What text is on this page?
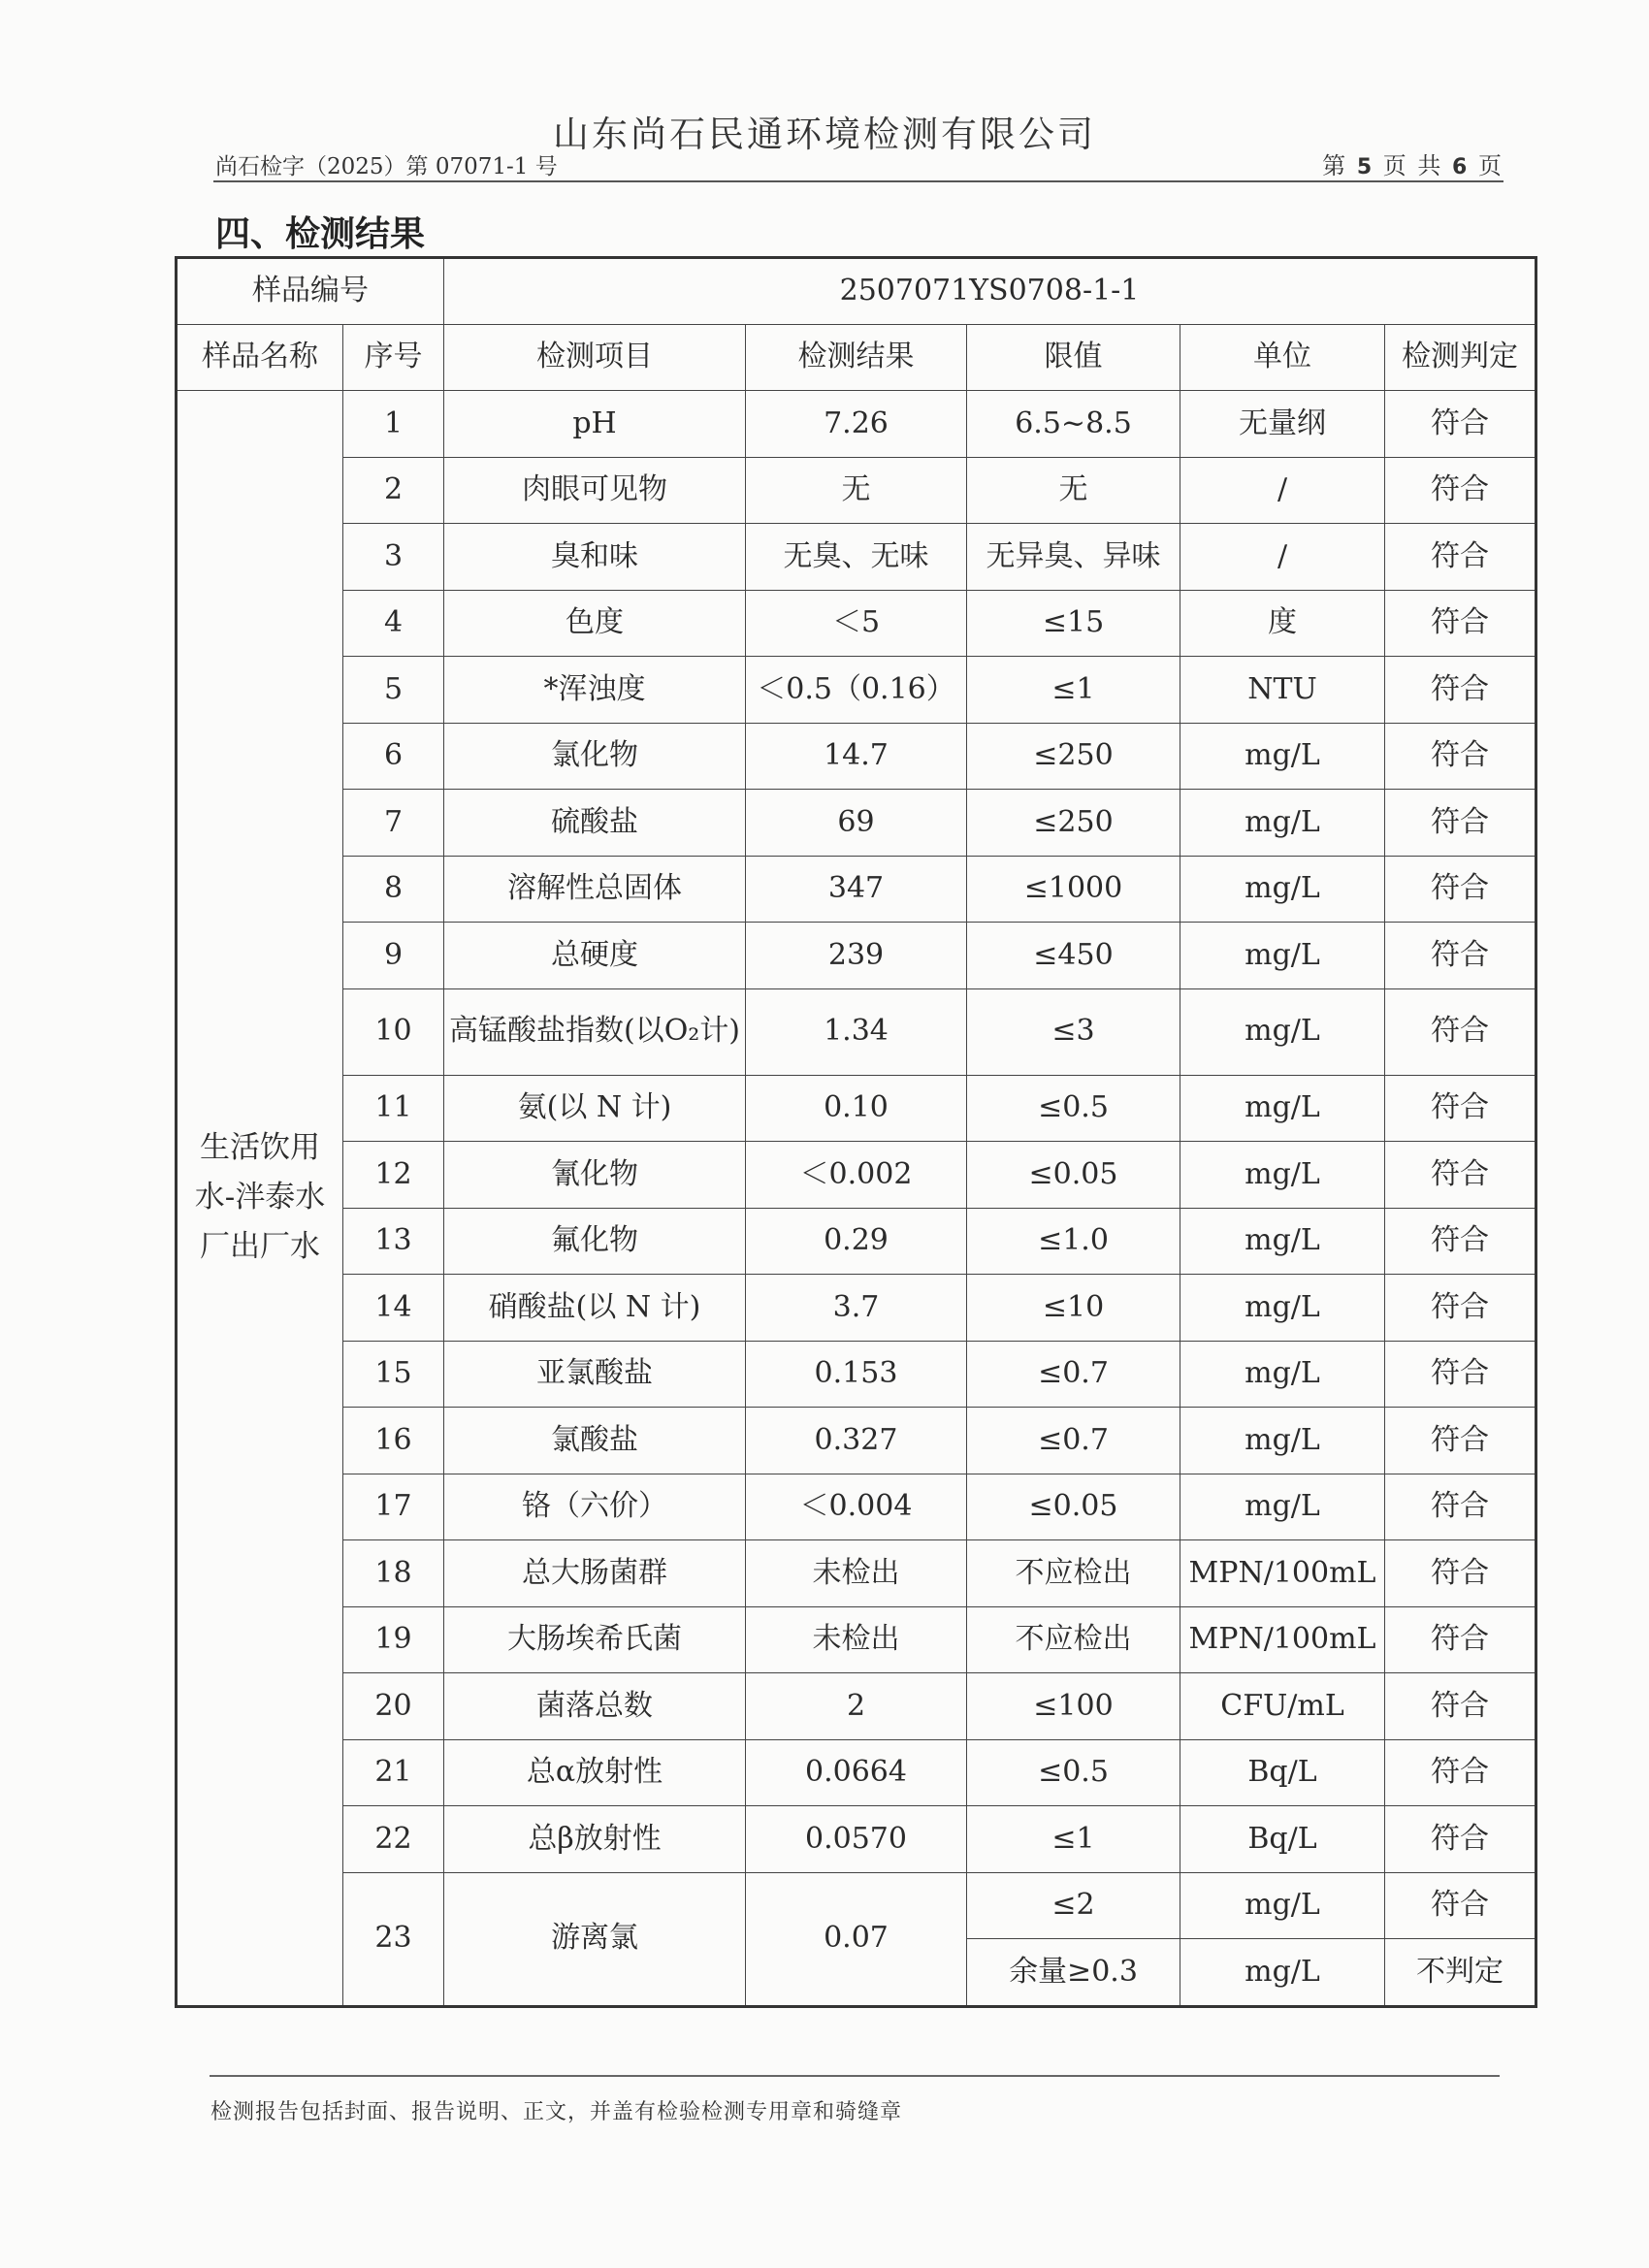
山东尚石民通环境检测有限公司
尚石检字（2025）第 07071-1 号	第 5 页 共 6 页
四、检测结果
样品编号		2507071YS0708-1-1				
样品名称	序号	检测项目	检测结果	限值	单位	检测判定
生活饮用水-泮泰水厂出厂水	1	pH	7.26	6.5~8.5	无量纲	符合
	2	肉眼可见物	无	无	/	符合
	3	臭和味	无臭、无味	无异臭、异味	/	符合
	4	色度	＜5	≤15	度	符合
	5	*浑浊度	＜0.5（0.16）	≤1	NTU	符合
	6	氯化物	14.7	≤250	mg/L	符合
	7	硫酸盐	69	≤250	mg/L	符合
	8	溶解性总固体	347	≤1000	mg/L	符合
	9	总硬度	239	≤450	mg/L	符合
	10	高锰酸盐指数(以O₂计)	1.34	≤3	mg/L	符合
	11	氨(以 N 计)	0.10	≤0.5	mg/L	符合
	12	氰化物	＜0.002	≤0.05	mg/L	符合
	13	氟化物	0.29	≤1.0	mg/L	符合
	14	硝酸盐(以 N 计)	3.7	≤10	mg/L	符合
	15	亚氯酸盐	0.153	≤0.7	mg/L	符合
	16	氯酸盐	0.327	≤0.7	mg/L	符合
	17	铬（六价）	＜0.004	≤0.05	mg/L	符合
	18	总大肠菌群	未检出	不应检出	MPN/100mL	符合
	19	大肠埃希氏菌	未检出	不应检出	MPN/100mL	符合
	20	菌落总数	2	≤100	CFU/mL	符合
	21	总α放射性	0.0664	≤0.5	Bq/L	符合
	22	总β放射性	0.0570	≤1	Bq/L	符合
	23	游离氯	0.07	≤2	mg/L	符合
				余量≥0.3	mg/L	不判定
检测报告包括封面、报告说明、正文，并盖有检验检测专用章和骑缝章
